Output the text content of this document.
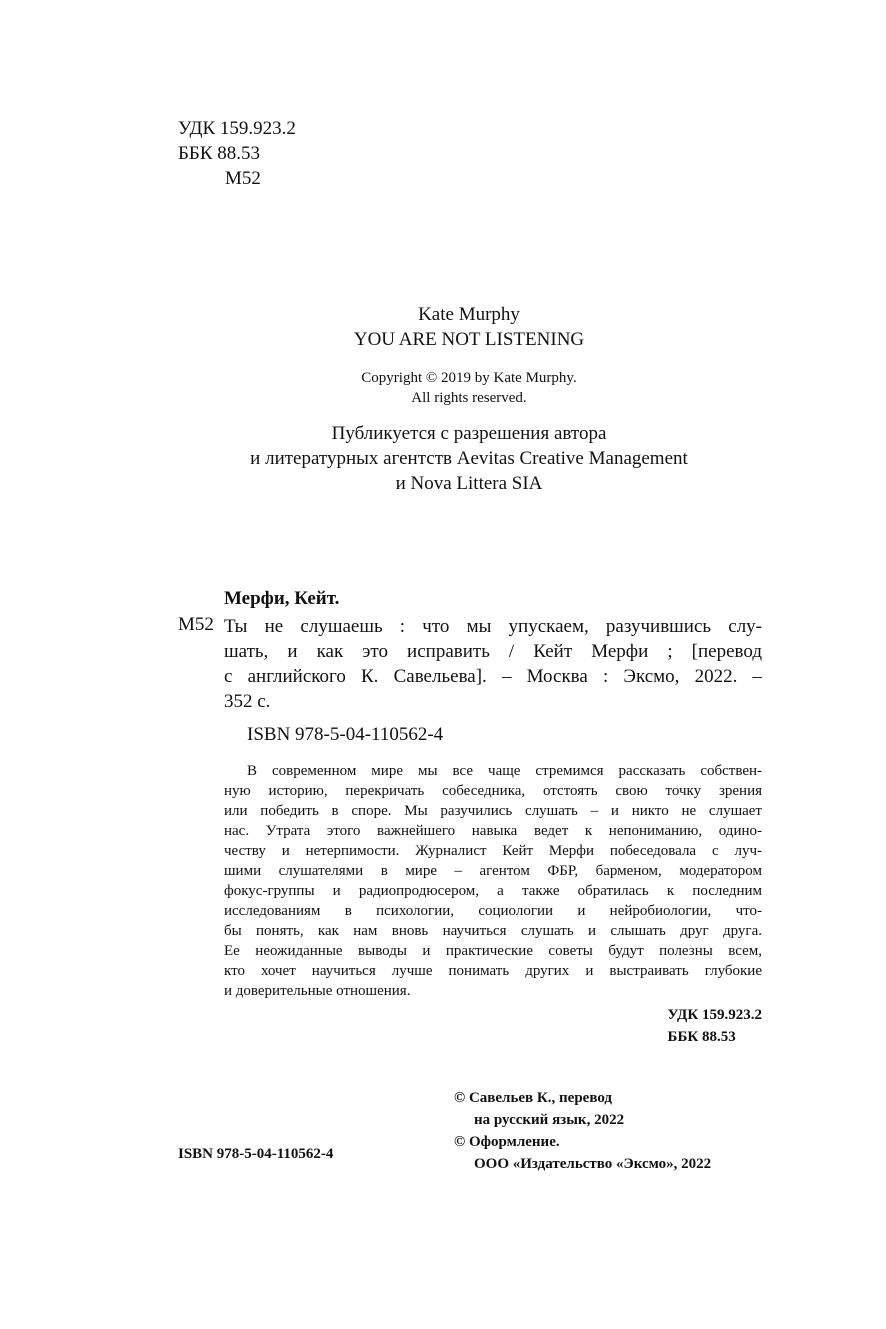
УДК 159.923.2
ББК 88.53
М52
Kate Murphy
YOU ARE NOT LISTENING
Copyright © 2019 by Kate Murphy.
All rights reserved.
Публикуется с разрешения автора
и литературных агентств Aevitas Creative Management
и Nova Littera SIA
Мерфи, Кейт.
М52 Ты не слушаешь : что мы упускаем, разучившись слу-
шать, и как это исправить / Кейт Мерфи ; [перевод
с английского К. Савельева]. – Москва : Эксмо, 2022. –
352 с.
ISBN 978-5-04-110562-4
В современном мире мы все чаще стремимся рассказать собствен-
ную историю, перекричать собеседника, отстоять свою точку зрения
или победить в споре. Мы разучились слушать – и никто не слушает
нас. Утрата этого важнейшего навыка ведет к непониманию, одино-
честву и нетерпимости. Журналист Кейт Мерфи побеседовала с луч-
шими слушателями в мире – агентом ФБР, барменом, модератором
фокус-группы и радиопродюсером, а также обратилась к последним
исследованиям в психологии, социологии и нейробиологии, что-
бы понять, как нам вновь научиться слушать и слышать друг друга.
Ее неожиданные выводы и практические советы будут полезны всем,
кто хочет научиться лучше понимать других и выстраивать глубокие
и доверительные отношения.
УДК 159.923.2
ББК 88.53
ISBN 978-5-04-110562-4
© Савельев К., перевод
на русский язык, 2022
© Оформление.
ООО «Издательство «Эксмо», 2022
